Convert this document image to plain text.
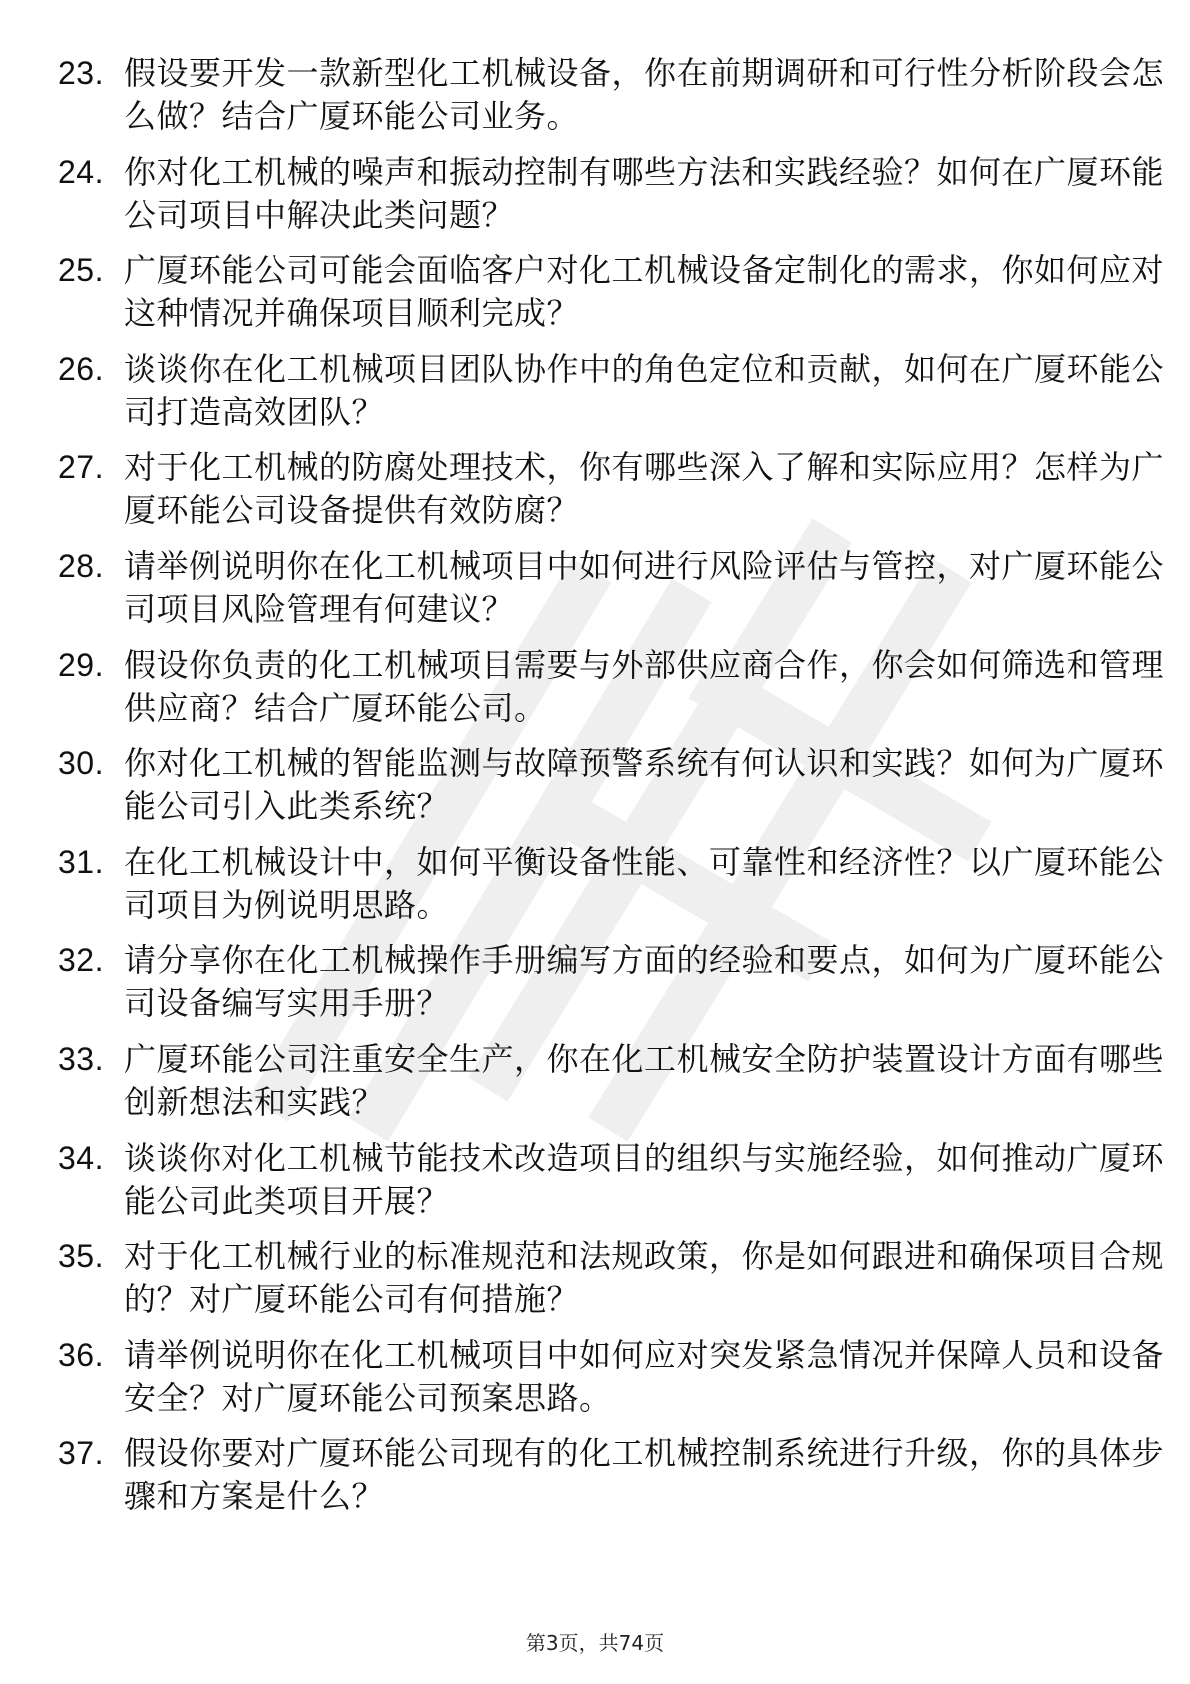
23. 假设要开发一款新型化工机械设备，你在前期调研和可行性分析阶段会怎么做？结合广厦环能公司业务。
24. 你对化工机械的噪声和振动控制有哪些方法和实践经验？如何在广厦环能公司项目中解决此类问题？
25. 广厦环能公司可能会面临客户对化工机械设备定制化的需求，你如何应对这种情况并确保项目顺利完成？
26. 谈谈你在化工机械项目团队协作中的角色定位和贡献，如何在广厦环能公司打造高效团队？
27. 对于化工机械的防腐处理技术，你有哪些深入了解和实际应用？怎样为广厦环能公司设备提供有效防腐？
28. 请举例说明你在化工机械项目中如何进行风险评估与管控，对广厦环能公司项目风险管理有何建议？
29. 假设你负责的化工机械项目需要与外部供应商合作，你会如何筛选和管理供应商？结合广厦环能公司。
30. 你对化工机械的智能监测与故障预警系统有何认识和实践？如何为广厦环能公司引入此类系统？
31. 在化工机械设计中，如何平衡设备性能、可靠性和经济性？以广厦环能公司项目为例说明思路。
32. 请分享你在化工机械操作手册编写方面的经验和要点，如何为广厦环能公司设备编写实用手册？
33. 广厦环能公司注重安全生产，你在化工机械安全防护装置设计方面有哪些创新想法和实践？
34. 谈谈你对化工机械节能技术改造项目的组织与实施经验，如何推动广厦环能公司此类项目开展？
35. 对于化工机械行业的标准规范和法规政策，你是如何跟进和确保项目合规的？对广厦环能公司有何措施？
36. 请举例说明你在化工机械项目中如何应对突发紧急情况并保障人员和设备安全？对广厦环能公司预案思路。
37. 假设你要对广厦环能公司现有的化工机械控制系统进行升级，你的具体步骤和方案是什么？
第3页，共74页
